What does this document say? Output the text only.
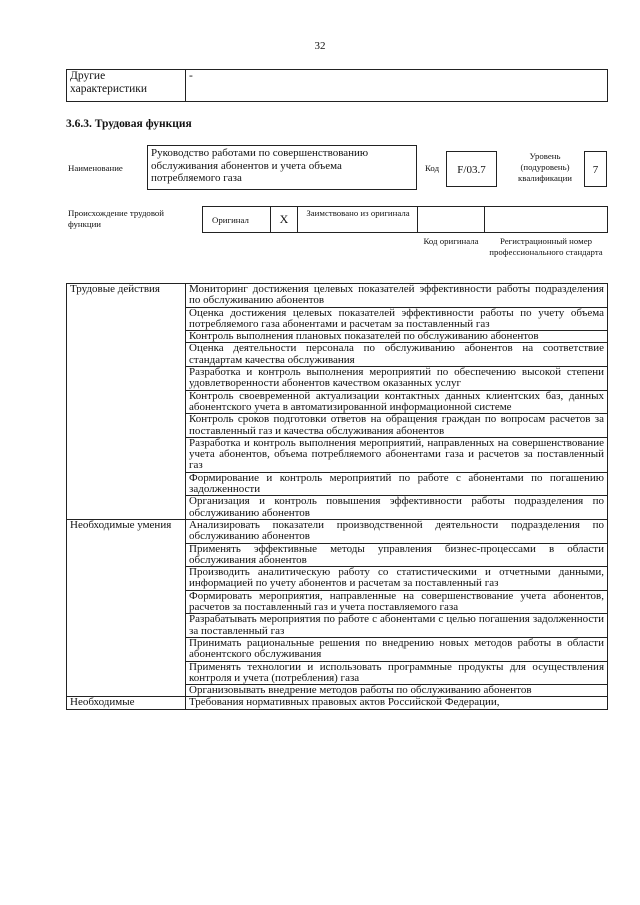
32
Другие характеристики	-
3.6.3. Трудовая функция
Наименование
Руководство работами по совершенствованию обслуживания абонентов и учета объема потребляемого газа
Код	F/03.7
Уровень (подуровень) квалификации
7
Происхождение трудовой функции	Оригинал	X	Заимствовано из оригинала
Код оригинала	Регистрационный номер профессионального стандарта
Трудовые действия	Мониторинг достижения целевых показателей эффективности работы подразделения по обслуживанию абонентов
	Оценка достижения целевых показателей эффективности работы по учету объема потребляемого газа абонентами и расчетам за поставленный газ
	Контроль выполнения плановых показателей по обслуживанию абонентов
	Оценка деятельности персонала по обслуживанию абонентов на соответствие стандартам качества обслуживания
	Разработка и контроль выполнения мероприятий по обеспечению высокой степени удовлетворенности абонентов качеством оказанных услуг
	Контроль своевременной актуализации контактных данных клиентских баз, данных абонентского учета в автоматизированной информационной системе
	Контроль сроков подготовки ответов на обращения граждан по вопросам расчетов за поставленный газ и качества обслуживания абонентов
	Разработка и контроль выполнения мероприятий, направленных на совершенствование учета абонентов, объема потребляемого абонентами газа и расчетов за поставленный газ
	Формирование и контроль мероприятий по работе с абонентами по погашению задолженности
	Организация и контроль повышения эффективности работы подразделения по обслуживанию абонентов
Необходимые умения	Анализировать показатели производственной деятельности подразделения по обслуживанию абонентов
	Применять эффективные методы управления бизнес-процессами в области обслуживания абонентов
	Производить аналитическую работу со статистическими и отчетными данными, информацией по учету абонентов и расчетам за поставленный газ
	Формировать мероприятия, направленные на совершенствование учета абонентов, расчетов за поставленный газ и учета поставляемого газа
	Разрабатывать мероприятия по работе с абонентами с целью погашения задолженности за поставленный газ
	Принимать рациональные решения по внедрению новых методов работы в области абонентского обслуживания
	Применять технологии и использовать программные продукты для осуществления контроля и учета (потребления) газа
	Организовывать внедрение методов работы по обслуживанию абонентов
Необходимые	Требования нормативных правовых актов Российской Федерации,
